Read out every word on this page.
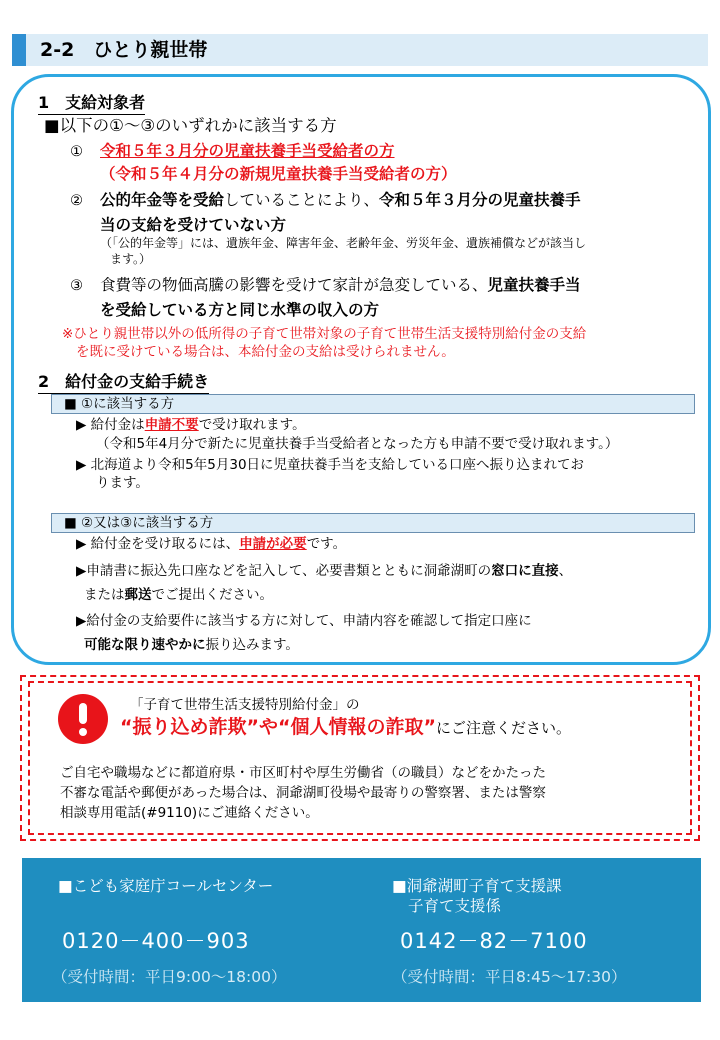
2-2　ひとり親世帯
1　支給対象者
■以下の①～③のいずれかに該当する方
① 令和５年３月分の児童扶養手当受給者の方
（令和５年４月分の新規児童扶養手当受給者の方）
② 公的年金等を受給していることにより、令和５年３月分の児童扶養手
当の支給を受けていない方
（「公的年金等」には、遺族年金、障害年金、老齢年金、労災年金、遺族補償などが該当し
ます。）
③ 食費等の物価高騰の影響を受けて家計が急変している、児童扶養手当
を受給している方と同じ水準の収入の方
※ひとり親世帯以外の低所得の子育て世帯対象の子育て世帯生活支援特別給付金の支給
を既に受けている場合は、本給付金の支給は受けられません。
2　給付金の支給手続き
■ ①に該当する方
▶ 給付金は申請不要で受け取れます。
（令和5年4月分で新たに児童扶養手当受給者となった方も申請不要で受け取れます。）
▶ 北海道より令和5年5月30日に児童扶養手当を支給している口座へ振り込まれてお
ります。
■ ②又は③に該当する方
▶ 給付金を受け取るには、申請が必要です。
▶申請書に振込先口座などを記入して、必要書類とともに洞爺湖町の窓口に直接、
または郵送でご提出ください。
▶給付金の支給要件に該当する方に対して、申請内容を確認して指定口座に
可能な限り速やかに振り込みます。
「子育て世帯生活支援特別給付金」の
“振り込め詐欺”や“個人情報の詐取”にご注意ください。
ご自宅や職場などに都道府県・市区町村や厚生労働省（の職員）などをかたった
不審な電話や郵便があった場合は、洞爺湖町役場や最寄りの警察署、または警察
相談専用電話(#9110)にご連絡ください。
■こども家庭庁コールセンター
0120－400－903
（受付時間：平日9:00～18:00）
■洞爺湖町子育て支援課
子育て支援係
0142－82－7100
（受付時間：平日8:45～17:30）
